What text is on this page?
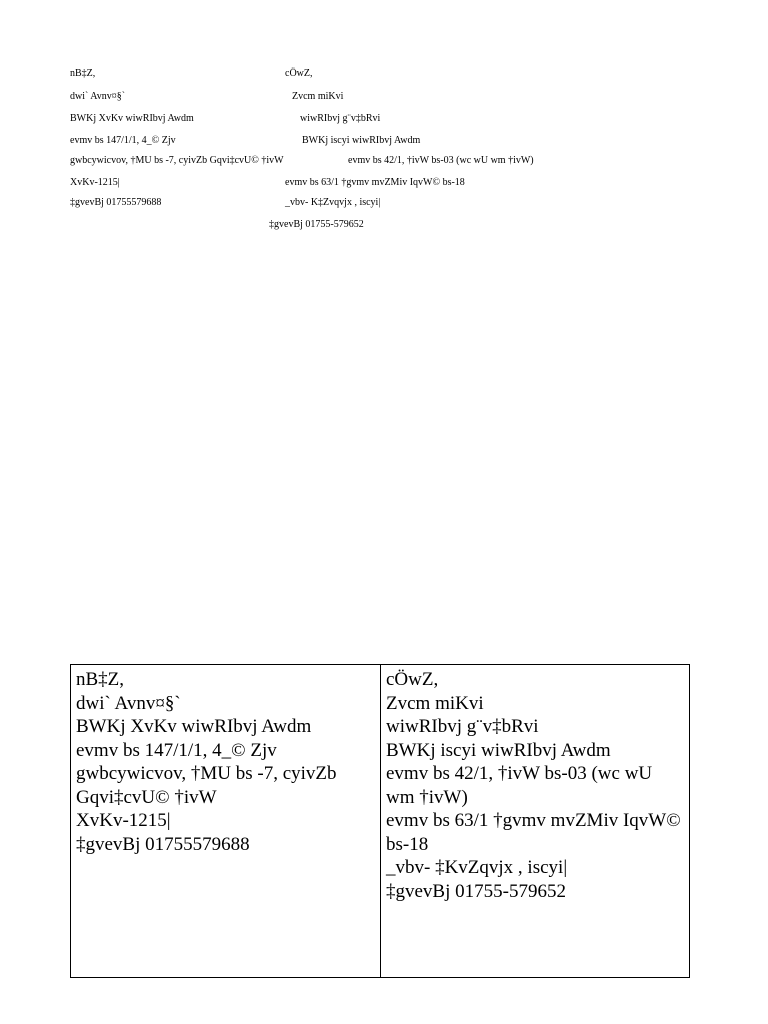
nB‡Z,
dwi` Avnv¤§`
BWKj XvKv wiwRIbvj Awdm
evmv bs 147/1/1, 4_© Zjv
gwbcywicvov, †MU bs -7, cyivZb Gqvi‡cvU© †ivW
XvKv-1215|
‡gvevBj 01755579688
cÖwZ,
Zvcm miKvi
wiwRIbvj g¨v‡bRvi
BWKj iscyi wiwRIbvj Awdm
evmv bs 42/1, †ivW bs-03 (wc wU wm †ivW)
evmv bs 63/1 †gvmv mvZMiv IqvW© bs-18
_vbv- K‡Zvqvjx , iscyi|
‡gvevBj 01755-579652
nB‡Z,
dwi` Avnv¤§`
BWKj XvKv wiwRIbvj Awdm
evmv bs 147/1/1, 4_© Zjv
gwbcywicvov, †MU bs -7, cyivZb Gqvi‡cvU© †ivW
XvKv-1215|
‡gvevBj 01755579688
cÖwZ,
Zvcm miKvi
wiwRIbvj g¨v‡bRvi
BWKj iscyi wiwRIbvj Awdm
evmv bs 42/1, †ivW bs-03 (wc wU wm †ivW)
evmv bs 63/1 †gvmv mvZMiv IqvW© bs-18
_vbv- ‡KvZqvjx , iscyi|
‡gvevBj 01755-579652
